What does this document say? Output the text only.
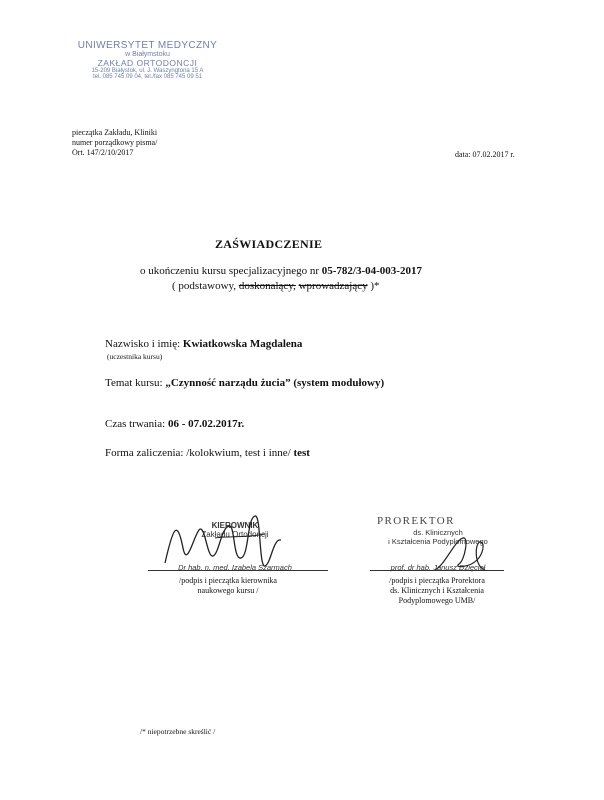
UNIWERSYTET MEDYCZNY
w Białymstoku
ZAKŁAD ORTODONCJI
15-209 Białystok, ul. J. Waszyngtona 15 A
tel. 085 745 09 04, tel./fax 085 745 09 51
pieczątka Zakładu, Kliniki
numer porządkowy pisma/
Ort. 147/2/10/2017	data: 07.02.2017 r.
ZAŚWIADCZENIE
o ukończeniu kursu specjalizacyjnego nr 05-782/3-04-003-2017
( podstawowy, doskonalący, wprowadzający )*
Nazwisko i imię: Kwiatkowska Magdalena
(uczestnika kursu)
Temat kursu: „Czynność narządu żucia” (system modułowy)
Czas trwania: 06 - 07.02.2017r.
Forma zaliczenia: /kolokwium, test i inne/ test
KIEROWNIK
Zakładu Ortodoncji
Dr hab. n. med. Izabela Szarmach
/podpis i pieczątka kierownika
naukowego kursu /
PROREKTOR
ds. Klinicznych
i Kształcenia Podyplomowego
prof. dr hab. Janusz Dzięcioł
/podpis i pieczątka Prorektora
ds. Klinicznych i Kształcenia
Podyplomowego UMB/
/* niepotrzebne skreślić /
